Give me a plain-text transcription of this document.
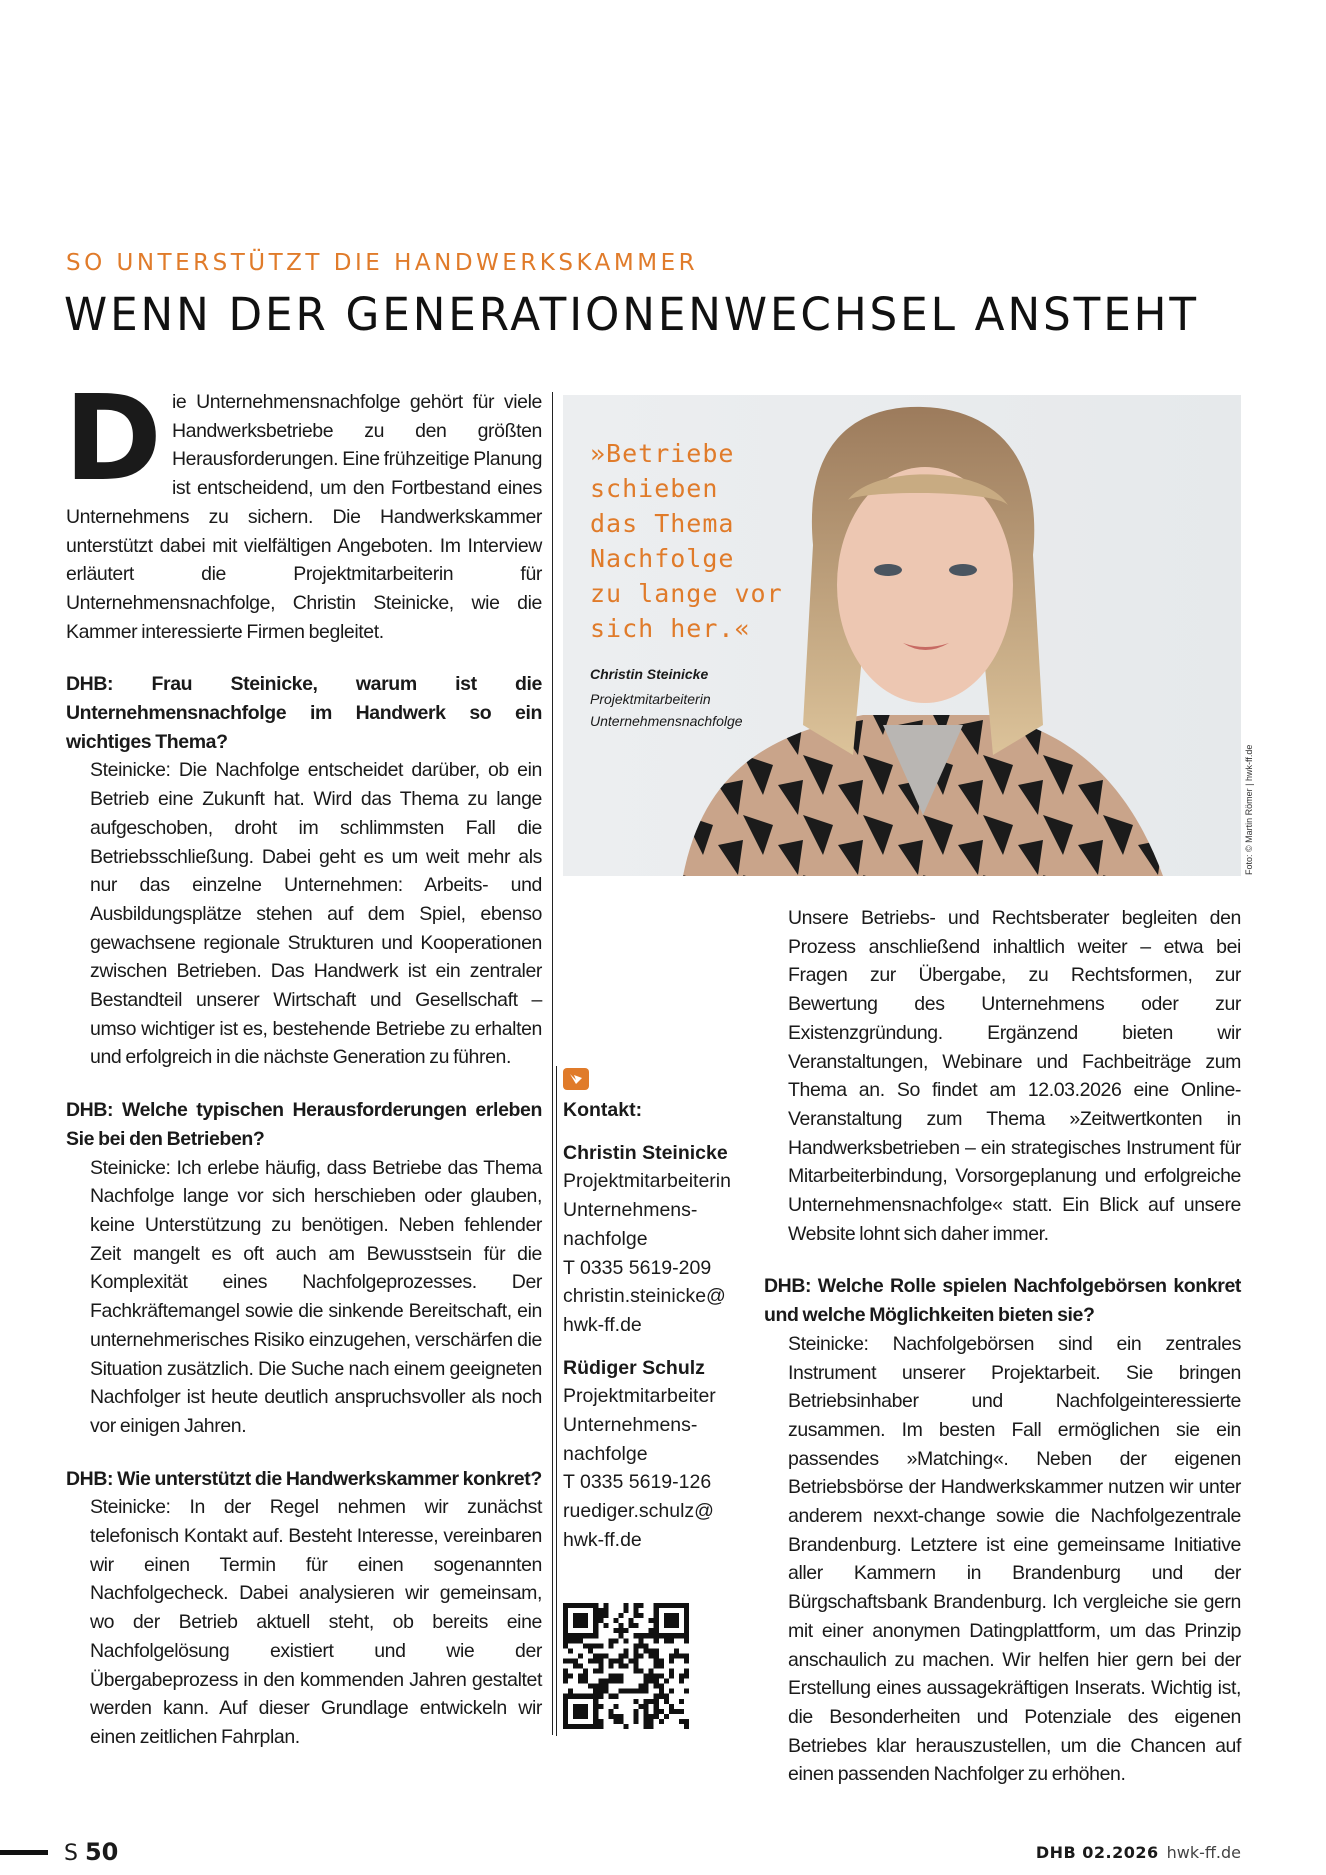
SO UNTERSTÜTZT DIE HANDWERKSKAMMER
WENN DER GENERATIONENWECHSEL ANSTEHT
D ie Unternehmensnachfolge gehört für viele Handwerksbetriebe zu den größten Herausforderungen. Eine frühzeitige Planung ist entscheidend, um den Fortbestand eines Unternehmens zu sichern. Die Handwerkskammer unterstützt dabei mit vielfältigen Angeboten. Im Interview erläutert die Projektmitarbeiterin für Unternehmensnachfolge, Christin Steinicke, wie die Kammer interessierte Firmen begleitet.

DHB: Frau Steinicke, warum ist die Unternehmensnachfolge im Handwerk so ein wichtiges Thema?

Steinicke: Die Nachfolge entscheidet darüber, ob ein Betrieb eine Zukunft hat. Wird das Thema zu lange aufgeschoben, droht im schlimmsten Fall die Betriebsschließung. Dabei geht es um weit mehr als nur das einzelne Unternehmen: Arbeits- und Ausbildungsplätze stehen auf dem Spiel, ebenso gewachsene regionale Strukturen und Kooperationen zwischen Betrieben. Das Handwerk ist ein zentraler Bestandteil unserer Wirtschaft und Gesellschaft – umso wichtiger ist es, bestehende Betriebe zu erhalten und erfolgreich in die nächste Generation zu führen.

DHB: Welche typischen Herausforderungen erleben Sie bei den Betrieben?

Steinicke: Ich erlebe häufig, dass Betriebe das Thema Nachfolge lange vor sich herschieben oder glauben, keine Unterstützung zu benötigen. Neben fehlender Zeit mangelt es oft auch am Bewusstsein für die Komplexität eines Nachfolgeprozesses. Der Fachkräftemangel sowie die sinkende Bereitschaft, ein unternehmerisches Risiko einzugehen, verschärfen die Situation zusätzlich. Die Suche nach einem geeigneten Nachfolger ist heute deutlich anspruchsvoller als noch vor einigen Jahren.

DHB: Wie unterstützt die Handwerkskammer konkret?

Steinicke: In der Regel nehmen wir zunächst telefonisch Kontakt auf. Besteht Interesse, vereinbaren wir einen Termin für einen sogenannten Nachfolgecheck. Dabei analysieren wir gemeinsam, wo der Betrieb aktuell steht, ob bereits eine Nachfolgelösung existiert und wie der Übergabeprozess in den kommenden Jahren gestaltet werden kann. Auf dieser Grundlage entwickeln wir einen zeitlichen Fahrplan.

»Betriebe
schieben
das Thema
Nachfolge
zu lange vor
sich her.«
Christin Steinicke
Projektmitarbeiterin
Unternehmensnachfolge
Foto: © Martin Römer | hwk-ff.de
Kontakt:
Christin Steinicke
Projektmitarbeiterin
Unternehmens-
nachfolge
T 0335 5619-209
christin.steinicke@
hwk-ff.de
Rüdiger Schulz
Projektmitarbeiter
Unternehmens-
nachfolge
T 0335 5619-126
ruediger.schulz@
hwk-ff.de

Unsere Betriebs- und Rechtsberater begleiten den Prozess anschließend inhaltlich weiter – etwa bei Fragen zur Übergabe, zu Rechtsformen, zur Bewertung des Unternehmens oder zur Existenzgründung. Ergänzend bieten wir Veranstaltungen, Webinare und Fachbeiträge zum Thema an. So findet am 12.03.2026 eine Online-Veranstaltung zum Thema »Zeitwertkonten in Handwerksbetrieben – ein strategisches Instrument für Mitarbeiterbindung, Vorsorgeplanung und erfolgreiche Unternehmensnachfolge« statt. Ein Blick auf unsere Website lohnt sich daher immer.

DHB: Welche Rolle spielen Nachfolgebörsen konkret und welche Möglichkeiten bieten sie?

Steinicke: Nachfolgebörsen sind ein zentrales Instrument unserer Projektarbeit. Sie bringen Betriebsinhaber und Nachfolgeinteressierte zusammen. Im besten Fall ermöglichen sie ein passendes »Matching«. Neben der eigenen Betriebsbörse der Handwerkskammer nutzen wir unter anderem nexxt-change sowie die Nachfolgezentrale Brandenburg. Letztere ist eine gemeinsame Initiative aller Kammern in Brandenburg und der Bürgschaftsbank Brandenburg. Ich vergleiche sie gern mit einer anonymen Datingplattform, um das Prinzip anschaulich zu machen. Wir helfen hier gern bei der Erstellung eines aussagekräftigen Inserats. Wichtig ist, die Besonderheiten und Potenziale des eigenen Betriebes klar herauszustellen, um die Chancen auf einen passenden Nachfolger zu erhöhen.

S 50	DHB 02.2026 hwk-ff.de
